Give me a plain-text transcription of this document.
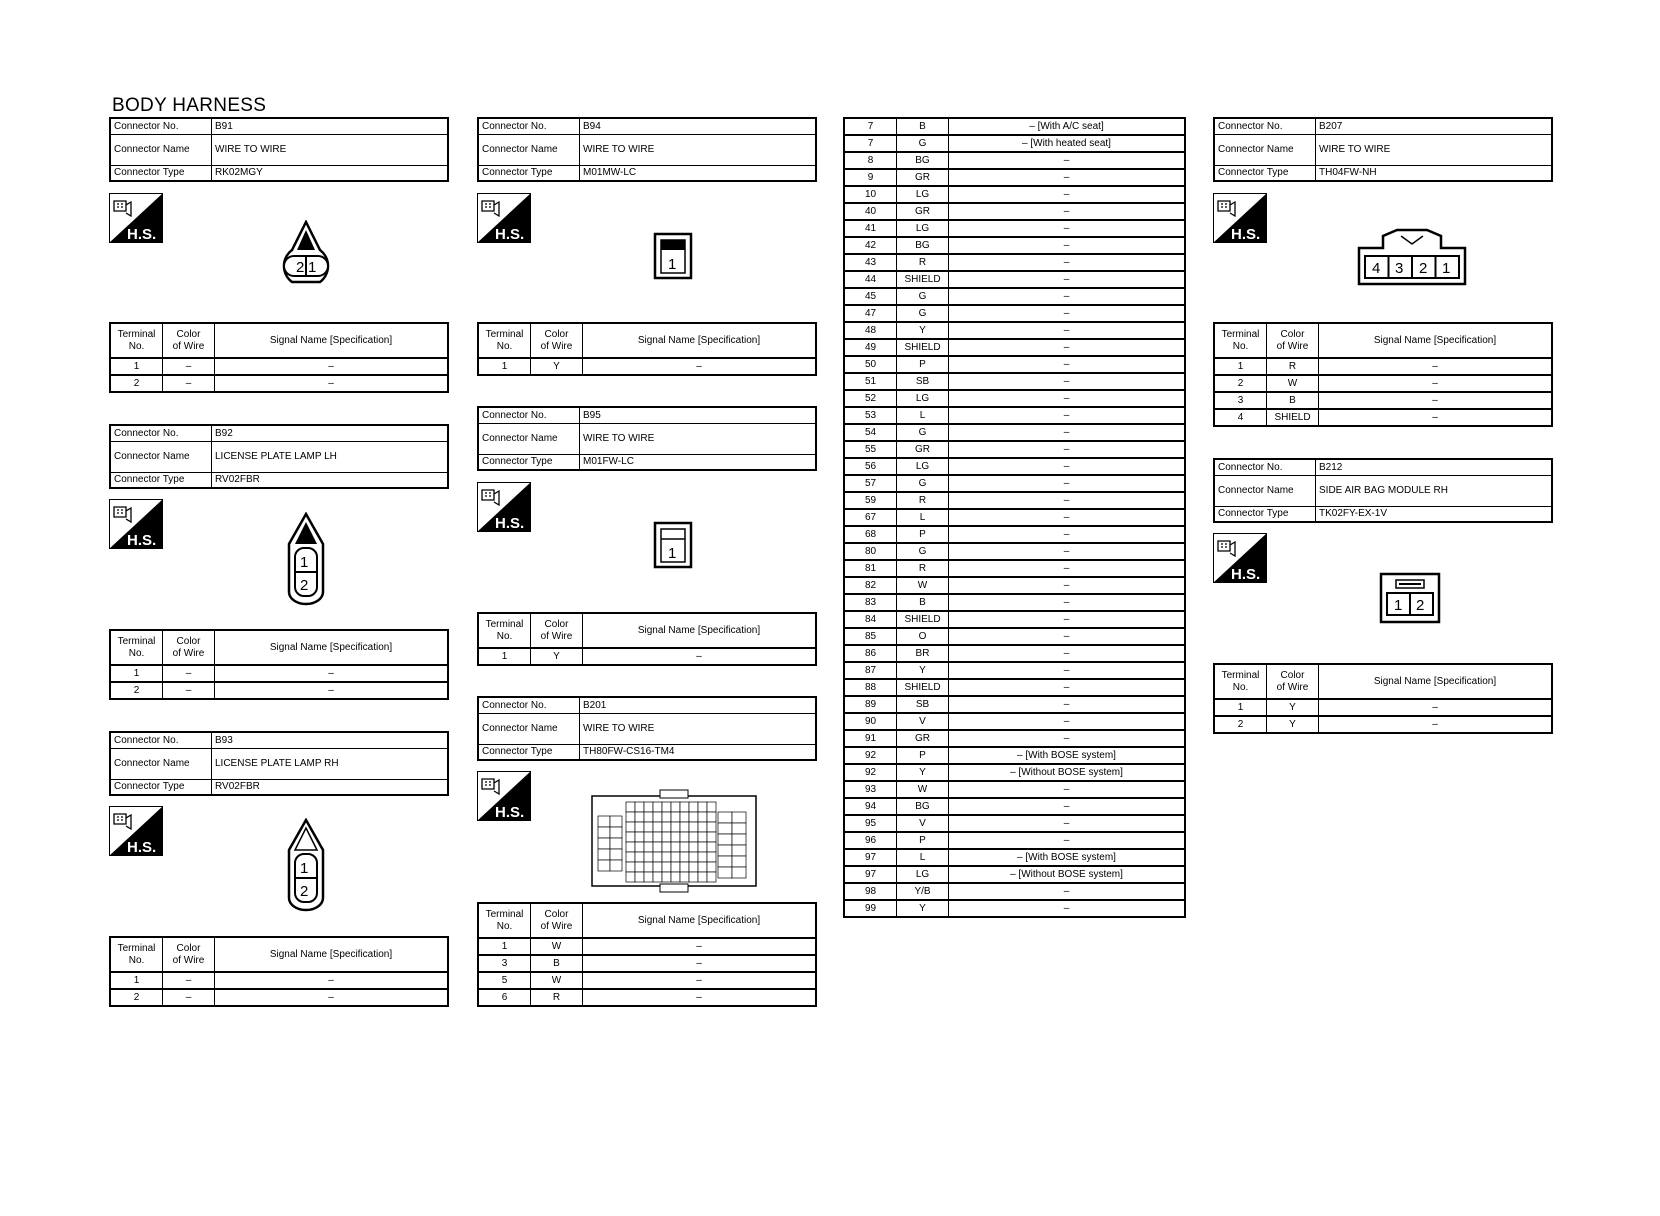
BODY HARNESS
Connector No.	B91
Connector Name	WIRE TO WIRE
Connector Type	RK02MGY
H.S.
2 1
Terminal
No.	Color
of Wire	Signal Name [Specification]
1	–	–
2	–	–
Connector No.	B92
Connector Name	LICENSE PLATE LAMP LH
Connector Type	RV02FBR
H.S.
1
2
Terminal
No.	Color
of Wire	Signal Name [Specification]
1	–	–
2	–	–
Connector No.	B93
Connector Name	LICENSE PLATE LAMP RH
Connector Type	RV02FBR
H.S.
1
2
Terminal
No.	Color
of Wire	Signal Name [Specification]
1	–	–
2	–	–
Connector No.	B94
Connector Name	WIRE TO WIRE
Connector Type	M01MW-LC
H.S.
1
Terminal
No.	Color
of Wire	Signal Name [Specification]
1	Y	–
Connector No.	B95
Connector Name	WIRE TO WIRE
Connector Type	M01FW-LC
H.S.
1
Terminal
No.	Color
of Wire	Signal Name [Specification]
1	Y	–
Connector No.	B201
Connector Name	WIRE TO WIRE
Connector Type	TH80FW-CS16-TM4
H.S.
Terminal
No.	Color
of Wire	Signal Name [Specification]
1	W	–
3	B	–
5	W	–
6	R	–
7	B	– [With A/C seat]
7	G	– [With heated seat]
8	BG	–
9	GR	–
10	LG	–
40	GR	–
41	LG	–
42	BG	–
43	R	–
44	SHIELD	–
45	G	–
47	G	–
48	Y	–
49	SHIELD	–
50	P	–
51	SB	–
52	LG	–
53	L	–
54	G	–
55	GR	–
56	LG	–
57	G	–
59	R	–
67	L	–
68	P	–
80	G	–
81	R	–
82	W	–
83	B	–
84	SHIELD	–
85	O	–
86	BR	–
87	Y	–
88	SHIELD	–
89	SB	–
90	V	–
91	GR	–
92	P	– [With BOSE system]
92	Y	– [Without BOSE system]
93	W	–
94	BG	–
95	V	–
96	P	–
97	L	– [With BOSE system]
97	LG	– [Without BOSE system]
98	Y/B	–
99	Y	–
Connector No.	B207
Connector Name	WIRE TO WIRE
Connector Type	TH04FW-NH
H.S.
4 3 2 1
Terminal
No.	Color
of Wire	Signal Name [Specification]
1	R	–
2	W	–
3	B	–
4	SHIELD	–
Connector No.	B212
Connector Name	SIDE AIR BAG MODULE RH
Connector Type	TK02FY-EX-1V
H.S.
1 2
Terminal
No.	Color
of Wire	Signal Name [Specification]
1	Y	–
2	Y	–
